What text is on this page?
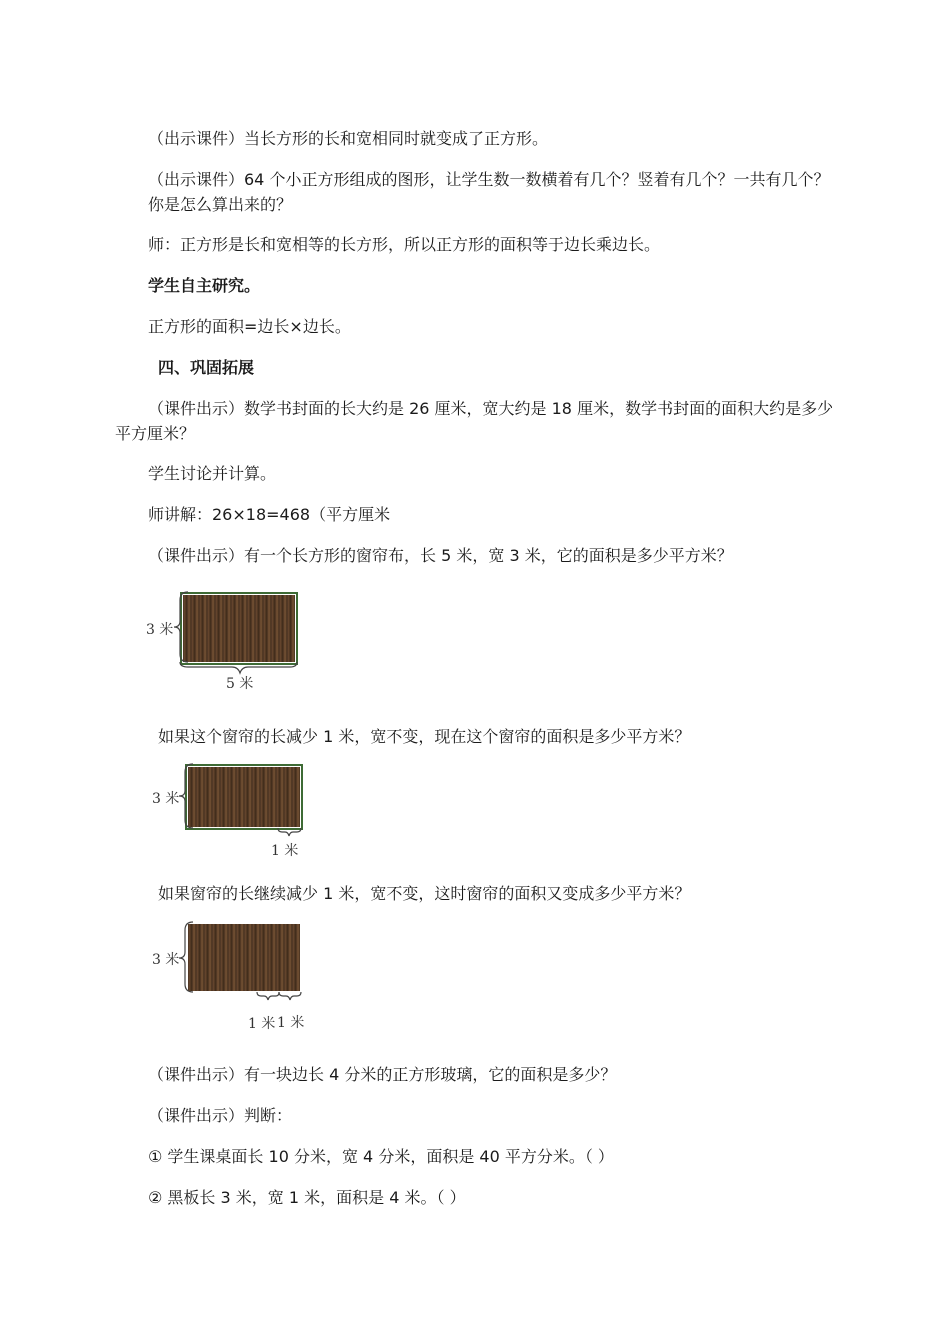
（出示课件）当长方形的长和宽相同时就变成了正方形。

（出示课件）64 个小正方形组成的图形，让学生数一数横着有几个？竖着有几个？一共有几个？你是怎么算出来的？

师：正方形是长和宽相等的长方形，所以正方形的面积等于边长乘边长。

学生自主研究。

正方形的面积=边长×边长。

四、巩固拓展

（课件出示）数学书封面的长大约是 26 厘米，宽大约是 18 厘米，数学书封面的面积大约是多少平方厘米？

学生讨论并计算。

师讲解：26×18=468（平方厘米

（课件出示）有一个长方形的窗帘布，长 5 米，宽 3 米，它的面积是多少平方米？

3 米
5 米

如果这个窗帘的长减少 1 米，宽不变，现在这个窗帘的面积是多少平方米？

3 米
1 米

如果窗帘的长继续减少 1 米，宽不变，这时窗帘的面积又变成多少平方米？

3 米
1 米 1 米

（课件出示）有一块边长 4 分米的正方形玻璃，它的面积是多少？

（课件出示）判断：

① 学生课桌面长 10 分米，宽 4 分米，面积是 40 平方分米。（ ）

② 黑板长 3 米，宽 1 米，面积是 4 米。（ ）
